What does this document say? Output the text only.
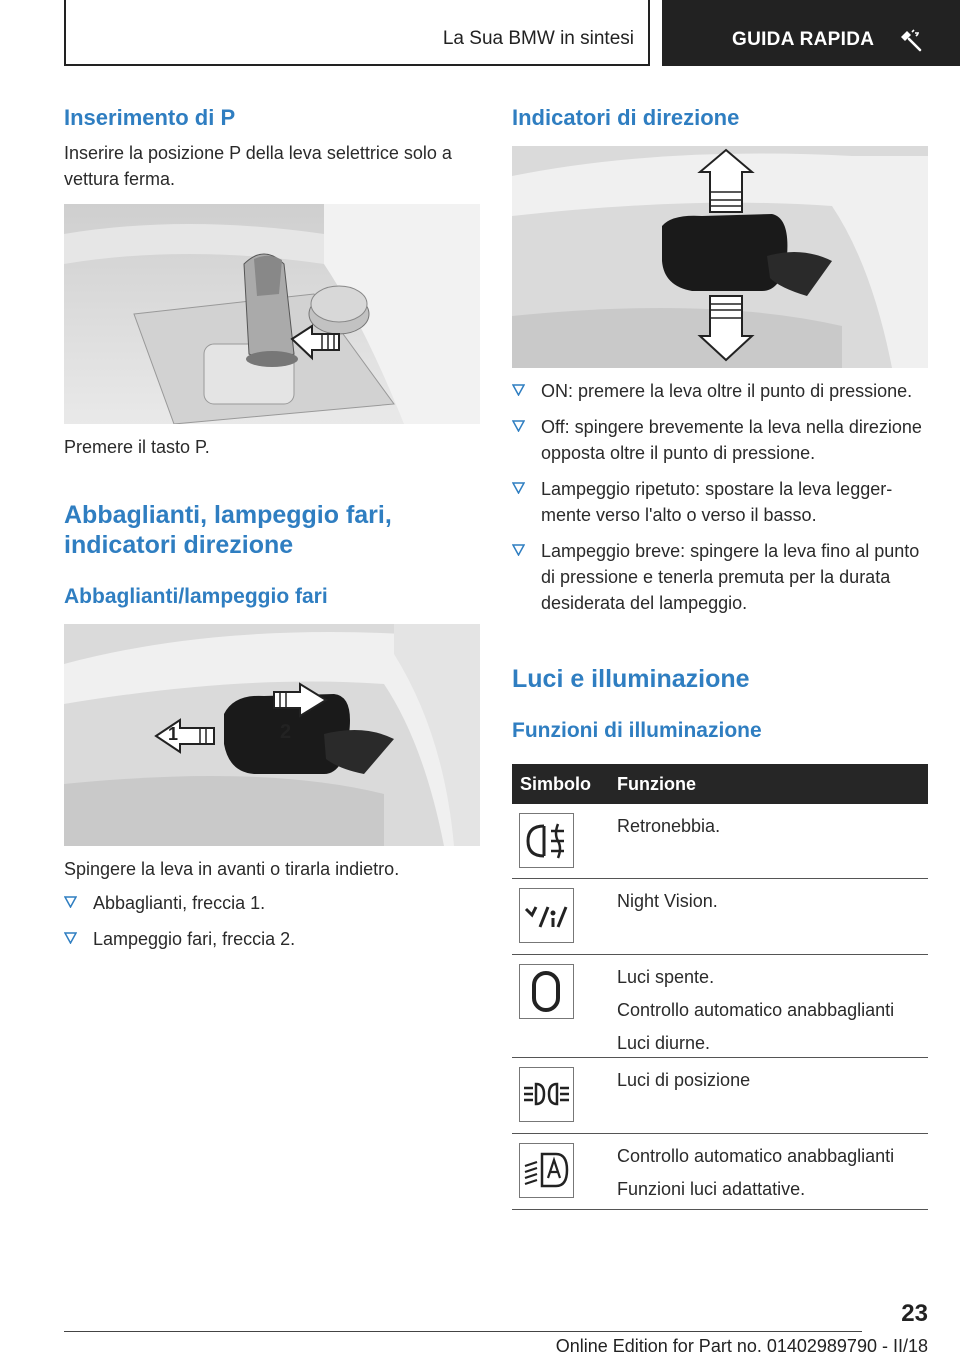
La Sua BMW in sintesi	GUIDA RAPIDA
Inserimento di P
Inserire la posizione P della leva selettrice solo a vettura ferma.
Premere il tasto P.
Abbaglianti, lampeggio fari, indicatori direzione
Abbaglianti/lampeggio fari
1	2
Spingere la leva in avanti o tirarla indietro.
Abbaglianti, freccia 1.
Lampeggio fari, freccia 2.
Indicatori di direzione
ON: premere la leva oltre il punto di pressione.
Off: spingere brevemente la leva nella direzione opposta oltre il punto di pressione.
Lampeggio ripetuto: spostare la leva leggermente verso l'alto o verso il basso.
Lampeggio breve: spingere la leva fino al punto di pressione e tenerla premuta per la durata desiderata del lampeggio.
Luci e illuminazione
Funzioni di illuminazione
Simbolo Funzione
Retronebbia.
Night Vision.
Luci spente.
Controllo automatico anabbaglianti
Luci diurne.
Luci di posizione
Controllo automatico anabbaglianti
Funzioni luci adattative.
23
Online Edition for Part no. 01402989790 - II/18
